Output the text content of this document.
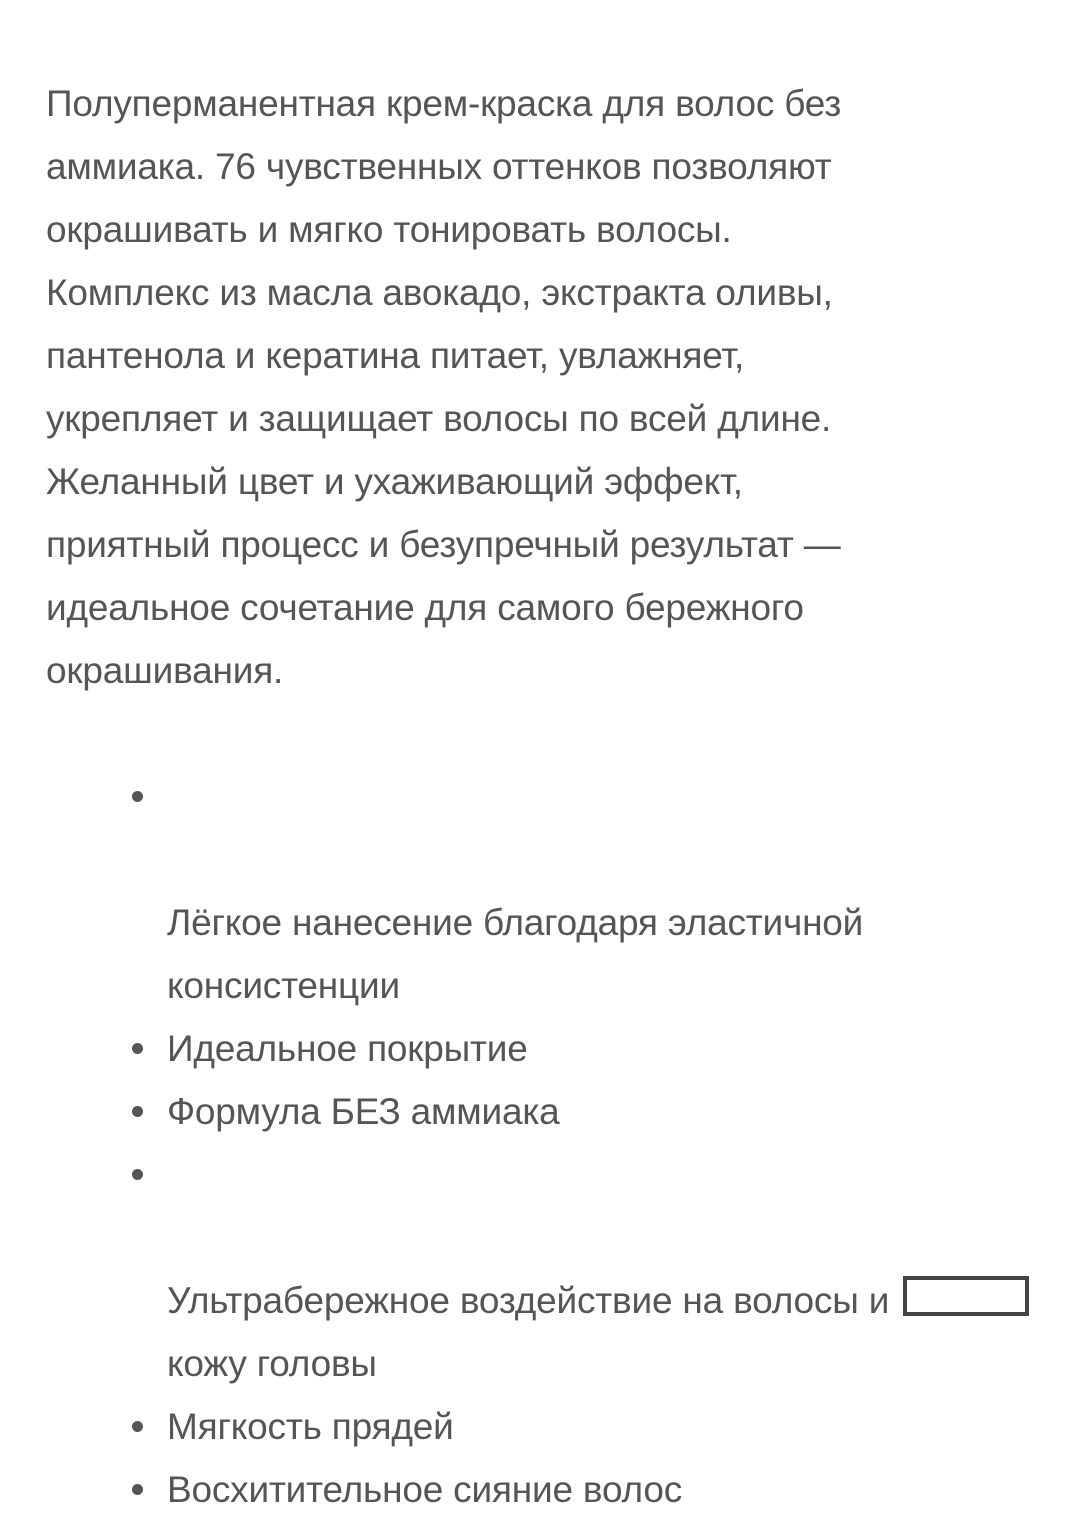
Полуперманентная крем-краска для волос без
аммиака. 76 чувственных оттенков позволяют
окрашивать и мягко тонировать волосы.
Комплекс из масла авокадо, экстракта оливы,
пантенола и кератина питает, увлажняет,
укрепляет и защищает волосы по всей длине.
Желанный цвет и ухаживающий эффект,
приятный процесс и безупречный результат —
идеальное сочетание для самого бережного
окрашивания.

Лёгкое нанесение благодаря эластичной
консистенции

Идеальное покрытие
Формула БЕЗ аммиака

Ультрабережное воздействие на волосы и
кожу головы

Мягкость прядей
Восхитительное сияние волос
